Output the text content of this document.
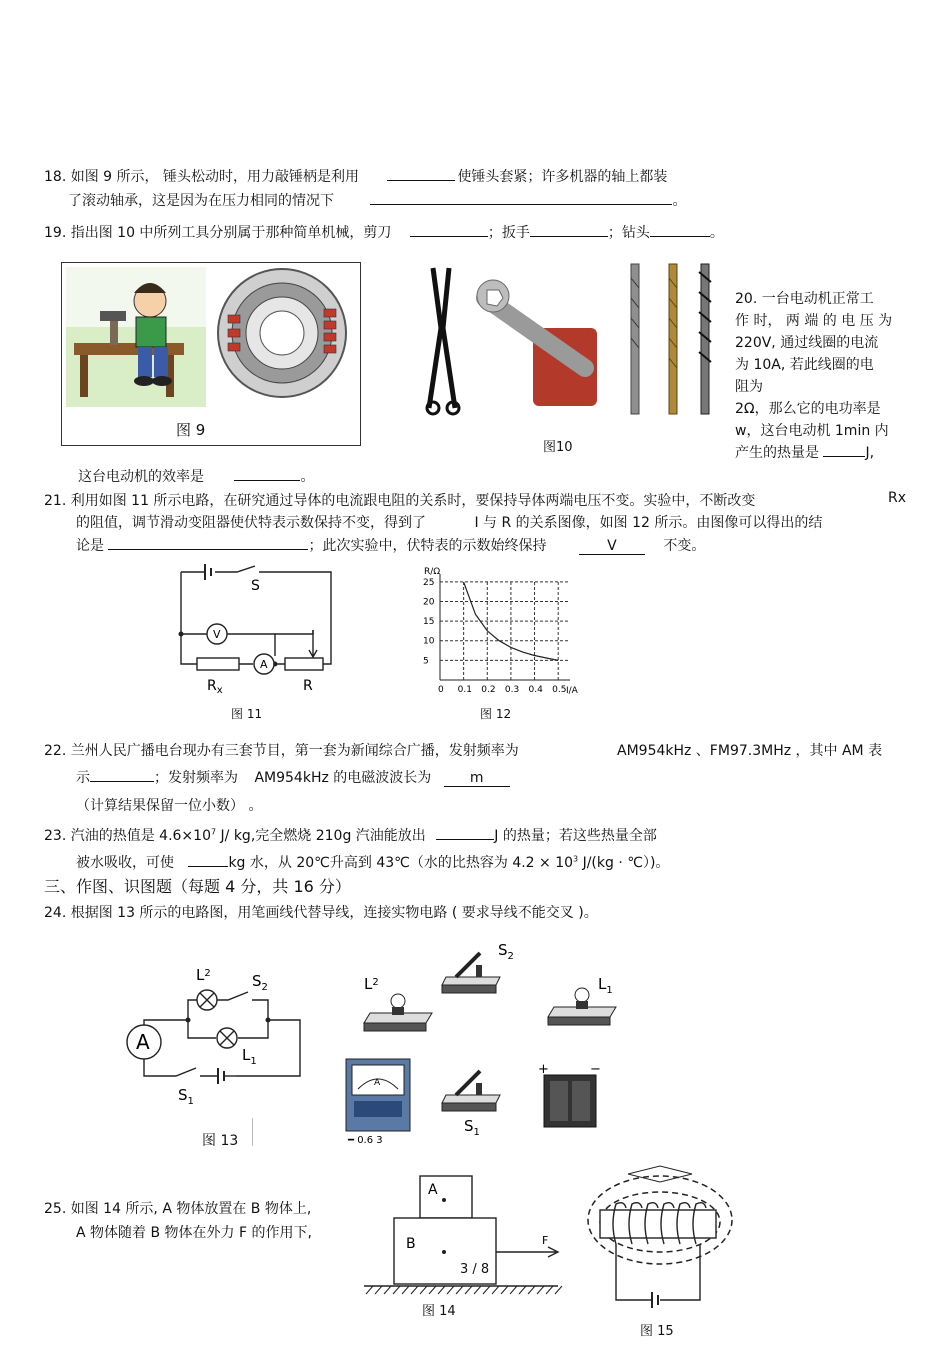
18. 如图 9 所示， 锤头松动时，用力敲锤柄是利用	使锤头套紧；许多机器的轴上都装
了滚动轴承，这是因为在压力相同的情况下	。
19. 指出图 10 中所列工具分别属于那种简单机械，剪刀	；扳手	；钻头	。
图 9
图10
20. 一台电动机正常工
作 时， 两 端 的 电 压 为
220V, 通过线圈的电流
为 10A, 若此线圈的电
阻为
2Ω，那么它的电功率是
w，这台电动机 1min 内
产生的热量是	J,
这台电动机的效率是	。
21. 利用如图 11 所示电路，在研究通过导体的电流跟电阻的关系时，要保持导体两端电压不变。实验中，不断改变	Rx
的阻值，调节滑动变阻器使伏特表示数保持不变，得到了	I 与 R 的关系图像，如图 12 所示。由图像可以得出的结
论是	；此次实验中，伏特表的示数始终保持	V	不变。
V
A
S
$R_x$	R
图 11
R/Ω
I/A
0 0.1 0.2 0.3 0.4 0.5
25
20
15
10
5
图 12
22. 兰州人民广播电台现办有三套节目，第一套为新闻综合广播，发射频率为	AM954kHz 、FM97.3MHz ，其中 AM 表
示	；发射频率为 AM954kHz 的电磁波波长为	m
（计算结果保留一位小数） 。
23. 汽油的热值是 $4.6\times 10^7$ J/ kg,完全燃烧 210g 汽油能放出	J 的热量；若这些热量全部
被水吸收，可使	kg 水，从 20℃升高到 43℃（水的比热容为 $4.2 \times 10^3$ J/(kg · ℃）)。
三、作图、识图题（每题 4 分，共 16 分）
24. 根据图 13 所示的电路图，用笔画线代替导线，连接实物电路 ( 要求导线不能交叉 )。
A
$L^2$	$S_2$
$L_1$
$S_1$
图 13
$L^2$
$S_2$
$L_1$
A
━ 0.6 3
$S_1$
+	−
25. 如图 14 所示, A 物体放置在 B 物体上,
A 物体随着 B 物体在外力 F 的作用下,
A
B	F
3 / 8
图 14
图 15
